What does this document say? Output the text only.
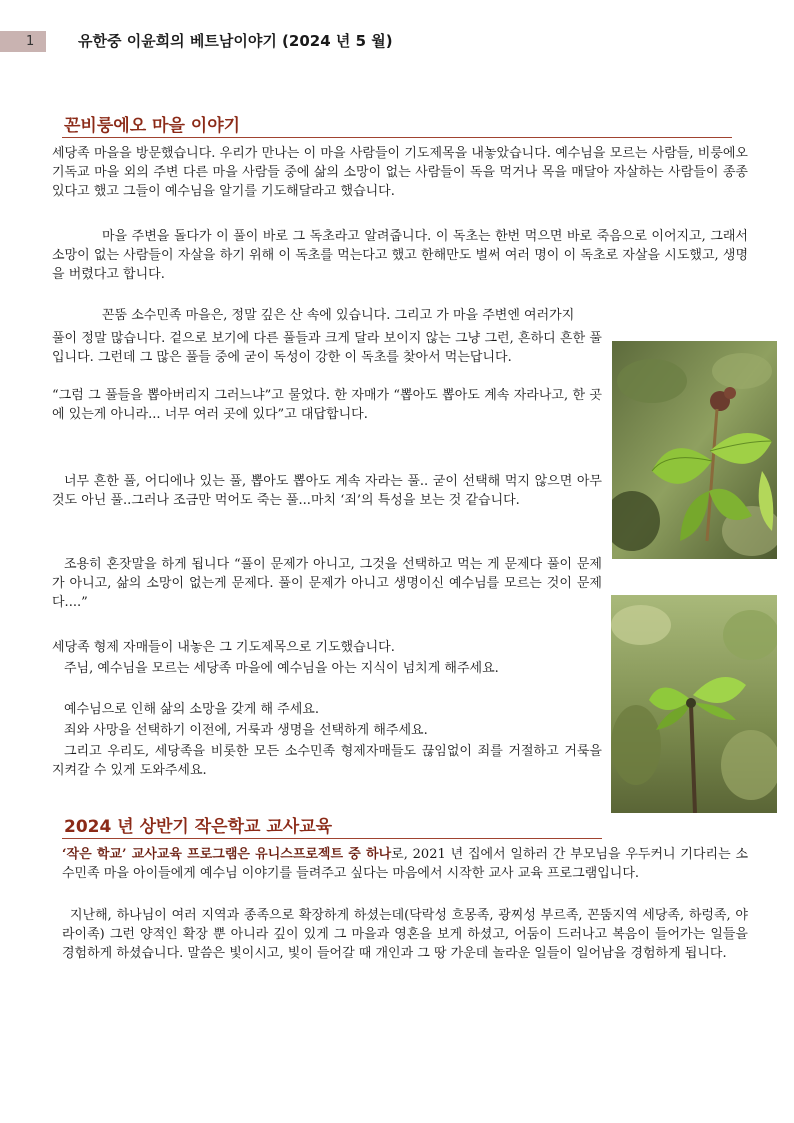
1	유한중 이윤희의 베트남이야기 (2024 년 5 월)
꼰비룽에오 마을 이야기

세당족 마을을 방문했습니다. 우리가 만나는 이 마을 사람들이 기도제목을 내놓았습니다. 예수님을 모르는 사람들, 비룽에오 기독교 마을 외의 주변 다른 마을 사람들 중에 삶의 소망이 없는 사람들이 독을 먹거나 목을 매달아 자살하는 사람들이 종종 있다고 했고 그들이 예수님을 알기를 기도해달라고 했습니다.

마을 주변을 돌다가 이 풀이 바로 그 독초라고 알려줍니다. 이 독초는 한번 먹으면 바로 죽음으로 이어지고, 그래서 소망이 없는 사람들이 자살을 하기 위해 이 독초를 먹는다고 했고 한해만도 벌써 여러 명이 이 독초로 자살을 시도했고, 생명을 버렸다고 합니다.

꼰뚬 소수민족 마을은, 정말 깊은 산 속에 있습니다. 그리고 가 마을 주변엔 여러가지

풀이 정말 많습니다. 겉으로 보기에 다른 풀들과 크게 달라 보이지 않는 그냥 그런, 흔하디 흔한 풀입니다. 그런데 그 많은 풀들 중에 굳이 독성이 강한 이 독초를 찾아서 먹는답니다.

“그럼 그 풀들을 뽑아버리지 그러느냐”고 물었다. 한 자매가 “뽑아도 뽑아도 계속 자라나고, 한 곳에 있는게 아니라... 너무 여러 곳에 있다”고 대답합니다.

너무 흔한 풀, 어디에나 있는 풀, 뽑아도 뽑아도 계속 자라는 풀.. 굳이 선택해 먹지 않으면 아무것도 아닌 풀..그러나 조금만 먹어도 죽는 풀...마치 ‘죄’의 특성을 보는 것 같습니다.

조용히 혼잣말을 하게 됩니다 “풀이 문제가 아니고, 그것을 선택하고 먹는 게 문제다 풀이 문제가 아니고, 삶의 소망이 없는게 문제다. 풀이 문제가 아니고 생명이신 예수님를 모르는 것이 문제다....”

세당족 형제 자매들이 내놓은 그 기도제목으로 기도했습니다.

주님, 예수님을 모르는 세당족 마을에 예수님을 아는 지식이 넘치게 해주세요.

예수님으로 인해 삶의 소망을 갖게 해 주세요.

죄와 사망을 선택하기 이전에, 거룩과 생명을 선택하게 해주세요.

그리고 우리도, 세당족을 비롯한 모든 소수민족 형제자매들도 끊임없이 죄를 거절하고 거룩을 지켜갈 수 있게 도와주세요.

2024 년 상반기 작은학교 교사교육

‘작은 학교’ 교사교육 프로그램은 유니스프로젝트 중 하나로, 2021 년 집에서 일하러 간 부모님을 우두커니 기다리는 소수민족 마을 아이들에게 예수님 이야기를 들려주고 싶다는 마음에서 시작한 교사 교육 프로그램입니다.

지난해, 하나님이 여러 지역과 종족으로 확장하게 하셨는데(닥락성 흐몽족, 광찌성 부르족, 꼰뚬지역 세당족, 하렁족, 야라이족) 그런 양적인 확장 뿐 아니라 깊이 있게 그 마을과 영혼을 보게 하셨고, 어둠이 드러나고 복음이 들어가는 일들을 경험하게 하셨습니다. 말씀은 빛이시고, 빛이 들어갈 때 개인과 그 땅 가운데 놀라운 일들이 일어남을 경험하게 됩니다.
